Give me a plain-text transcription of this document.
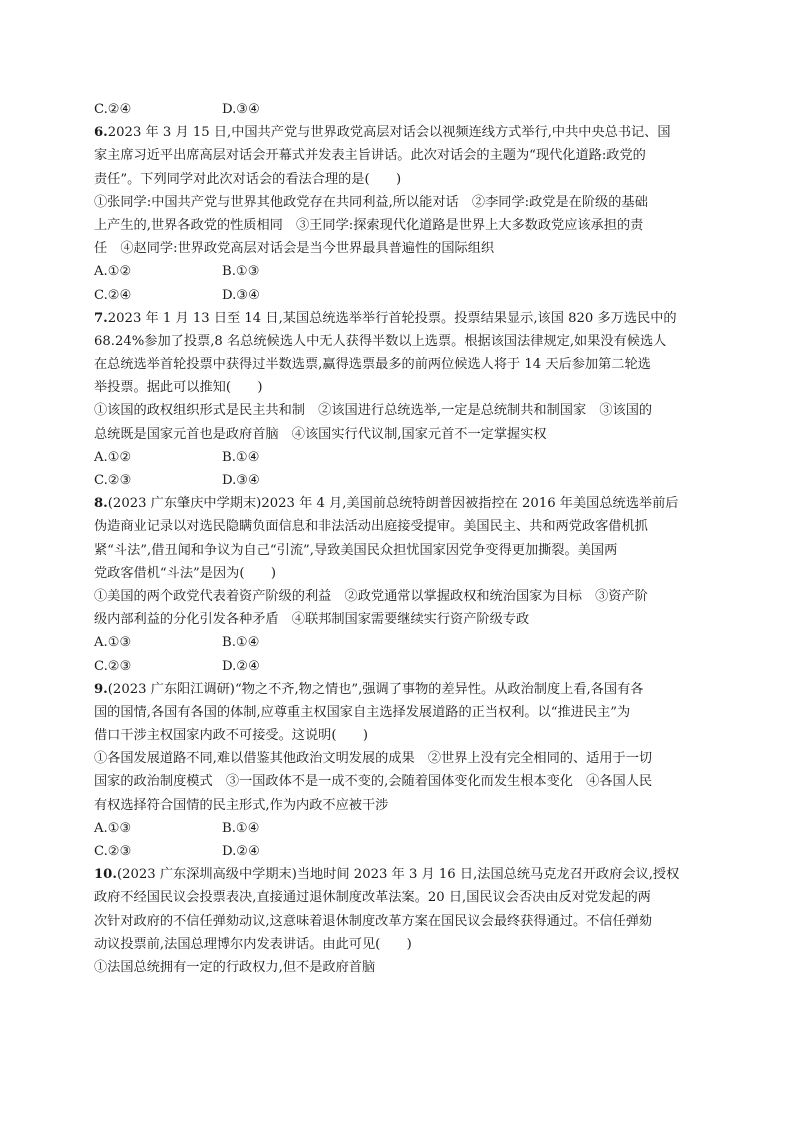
C.②④	D.③④
6.2023 年 3 月 15 日,中国共产党与世界政党高层对话会以视频连线方式举行,中共中央总书记、国
家主席习近平出席高层对话会开幕式并发表主旨讲话。此次对话会的主题为“现代化道路:政党的
责任”。下列同学对此次对话会的看法合理的是(　　)
①张同学:中国共产党与世界其他政党存在共同利益,所以能对话　②李同学:政党是在阶级的基础
上产生的,世界各政党的性质相同　③王同学:探索现代化道路是世界上大多数政党应该承担的责
任　④赵同学:世界政党高层对话会是当今世界最具普遍性的国际组织
A.①②	B.①③
C.②④	D.③④
7.2023 年 1 月 13 日至 14 日,某国总统选举举行首轮投票。投票结果显示,该国 820 多万选民中的
68.24%参加了投票,8 名总统候选人中无人获得半数以上选票。根据该国法律规定,如果没有候选人
在总统选举首轮投票中获得过半数选票,赢得选票最多的前两位候选人将于 14 天后参加第二轮选
举投票。据此可以推知(　　)
①该国的政权组织形式是民主共和制　②该国进行总统选举,一定是总统制共和制国家　③该国的
总统既是国家元首也是政府首脑　④该国实行代议制,国家元首不一定掌握实权
A.①②	B.①④
C.②③	D.③④
8.(2023 广东肇庆中学期末)2023 年 4 月,美国前总统特朗普因被指控在 2016 年美国总统选举前后
伪造商业记录以对选民隐瞒负面信息和非法活动出庭接受提审。美国民主、共和两党政客借机抓
紧“斗法”,借丑闻和争议为自己“引流”,导致美国民众担忧国家因党争变得更加撕裂。美国两
党政客借机“斗法”是因为(　　)
①美国的两个政党代表着资产阶级的利益　②政党通常以掌握政权和统治国家为目标　③资产阶
级内部利益的分化引发各种矛盾　④联邦制国家需要继续实行资产阶级专政
A.①③	B.①④
C.②③	D.②④
9.(2023 广东阳江调研)“物之不齐,物之情也”,强调了事物的差异性。从政治制度上看,各国有各
国的国情,各国有各国的体制,应尊重主权国家自主选择发展道路的正当权利。以“推进民主”为
借口干涉主权国家内政不可接受。这说明(　　)
①各国发展道路不同,难以借鉴其他政治文明发展的成果　②世界上没有完全相同的、适用于一切
国家的政治制度模式　③一国政体不是一成不变的,会随着国体变化而发生根本变化　④各国人民
有权选择符合国情的民主形式,作为内政不应被干涉
A.①③	B.①④
C.②③	D.②④
10.(2023 广东深圳高级中学期末)当地时间 2023 年 3 月 16 日,法国总统马克龙召开政府会议,授权
政府不经国民议会投票表决,直接通过退休制度改革法案。20 日,国民议会否决由反对党发起的两
次针对政府的不信任弹劾动议,这意味着退休制度改革方案在国民议会最终获得通过。不信任弹劾
动议投票前,法国总理博尔内发表讲话。由此可见(　　)
①法国总统拥有一定的行政权力,但不是政府首脑
